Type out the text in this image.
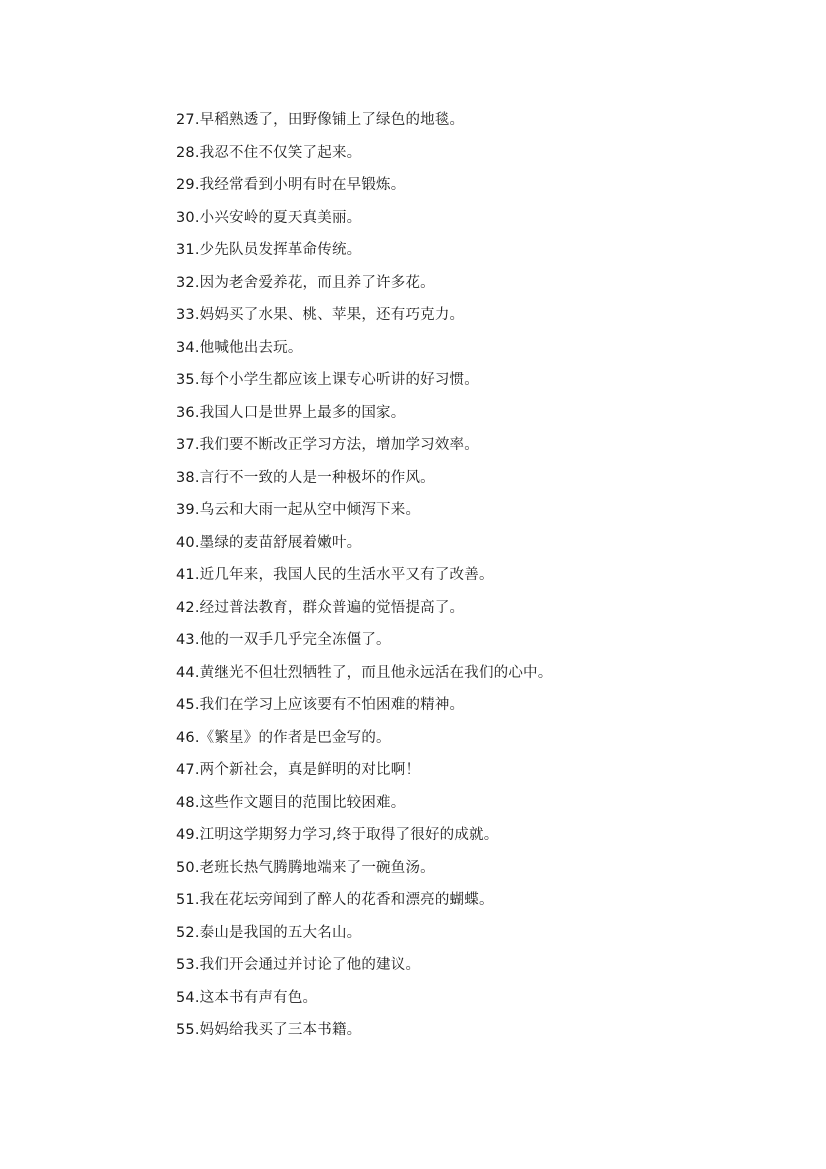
27.早稻熟透了，田野像铺上了绿色的地毯。
28.我忍不住不仅笑了起来。
29.我经常看到小明有时在早锻炼。
30.小兴安岭的夏天真美丽。
31.少先队员发挥革命传统。
32.因为老舍爱养花，而且养了许多花。
33.妈妈买了水果、桃、苹果，还有巧克力。
34.他喊他出去玩。
35.每个小学生都应该上课专心听讲的好习惯。
36.我国人口是世界上最多的国家。
37.我们要不断改正学习方法，增加学习效率。
38.言行不一致的人是一种极坏的作风。
39.乌云和大雨一起从空中倾泻下来。
40.墨绿的麦苗舒展着嫩叶。
41.近几年来，我国人民的生活水平又有了改善。
42.经过普法教育，群众普遍的觉悟提高了。
43.他的一双手几乎完全冻僵了。
44.黄继光不但壮烈牺牲了，而且他永远活在我们的心中。
45.我们在学习上应该要有不怕困难的精神。
46.《繁星》的作者是巴金写的。
47.两个新社会，真是鲜明的对比啊！
48.这些作文题目的范围比较困难。
49.江明这学期努力学习,终于取得了很好的成就。
50.老班长热气腾腾地端来了一碗鱼汤。
51.我在花坛旁闻到了醉人的花香和漂亮的蝴蝶。
52.泰山是我国的五大名山。
53.我们开会通过并讨论了他的建议。
54.这本书有声有色。
55.妈妈给我买了三本书籍。
